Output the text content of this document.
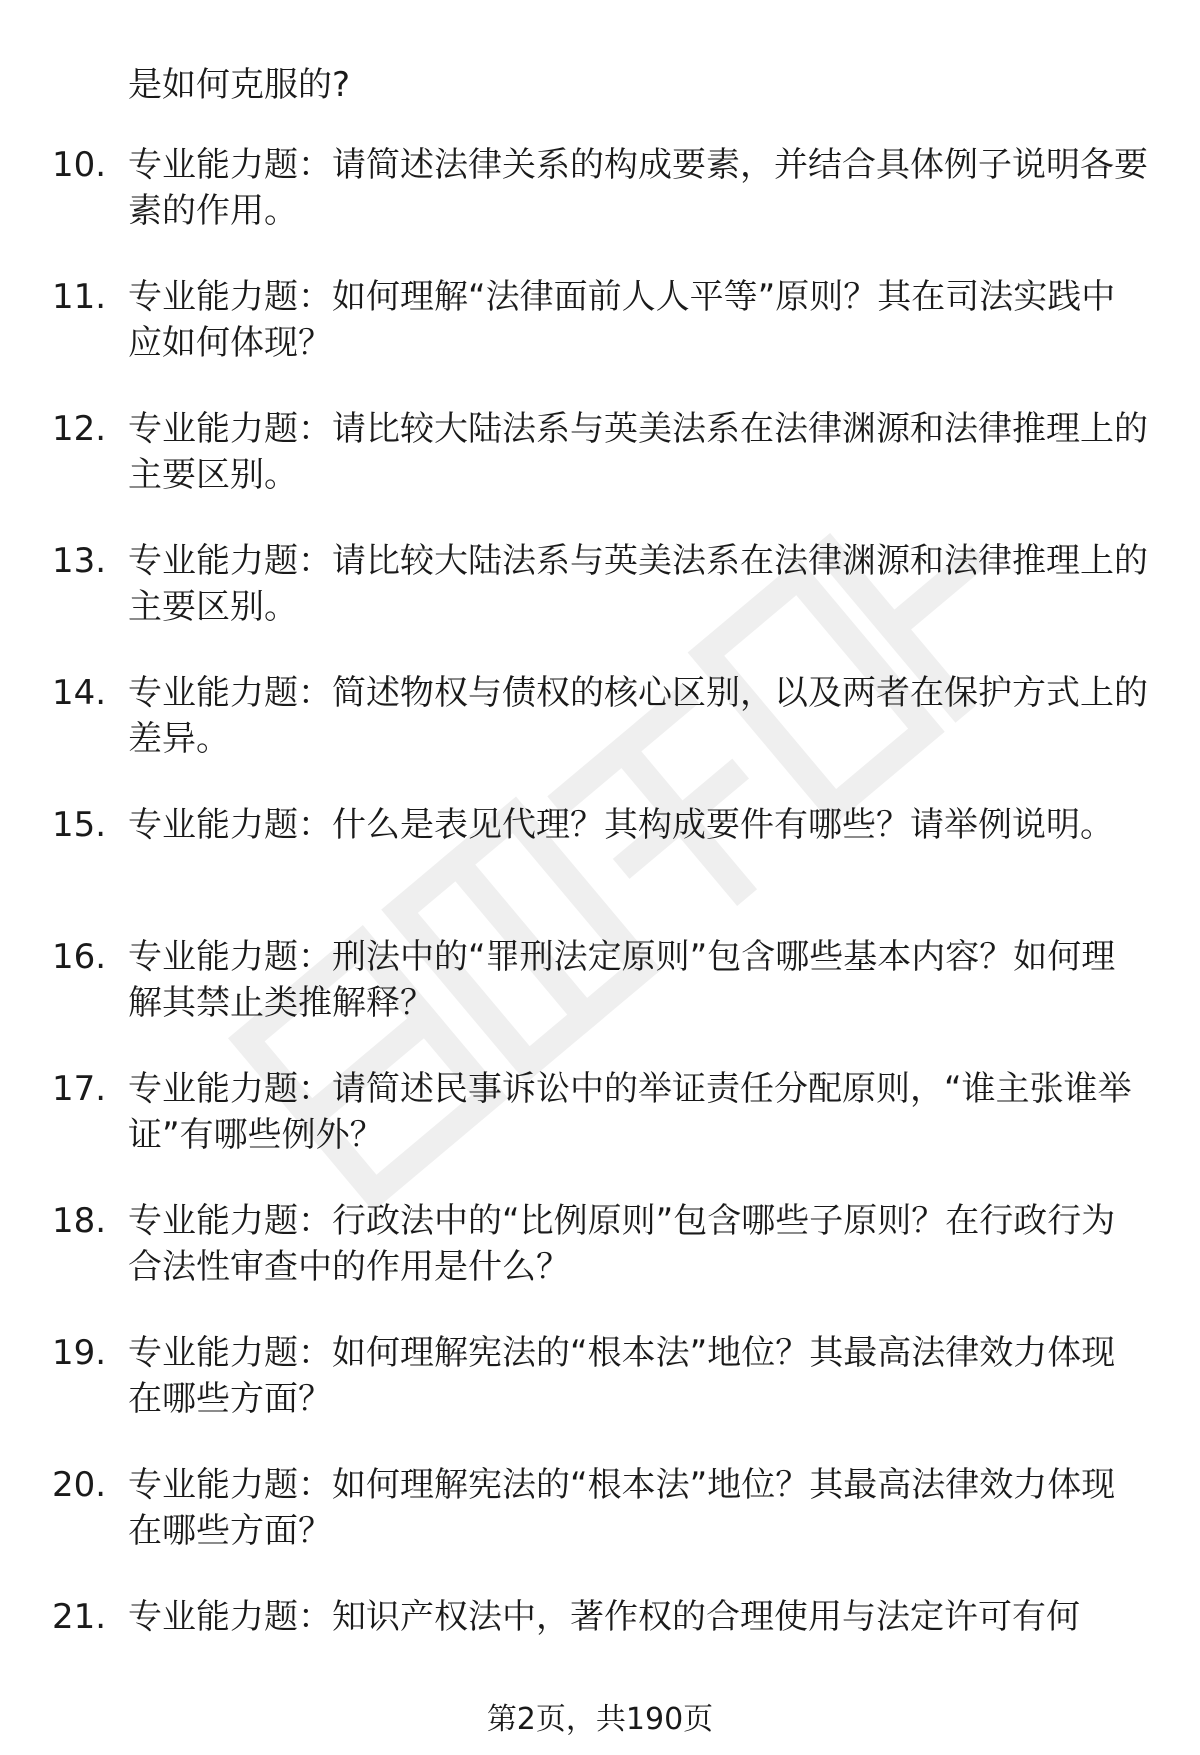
是如何克服的?

10. 专业能力题：请简述法律关系的构成要素，并结合具体例子说明各要素的作用。

11. 专业能力题：如何理解“法律面前人人平等”原则？其在司法实践中应如何体现？

12. 专业能力题：请比较大陆法系与英美法系在法律渊源和法律推理上的主要区别。

13. 专业能力题：请比较大陆法系与英美法系在法律渊源和法律推理上的主要区别。

14. 专业能力题：简述物权与债权的核心区别，以及两者在保护方式上的差异。

15. 专业能力题：什么是表见代理？其构成要件有哪些？请举例说明。

16. 专业能力题：刑法中的“罪刑法定原则”包含哪些基本内容？如何理解其禁止类推解释？

17. 专业能力题：请简述民事诉讼中的举证责任分配原则，“谁主张谁举证”有哪些例外？

18. 专业能力题：行政法中的“比例原则”包含哪些子原则？在行政行为合法性审查中的作用是什么？

19. 专业能力题：如何理解宪法的“根本法”地位？其最高法律效力体现在哪些方面？

20. 专业能力题：如何理解宪法的“根本法”地位？其最高法律效力体现在哪些方面？

21. 专业能力题：知识产权法中，著作权的合理使用与法定许可有何

第2页，共190页
